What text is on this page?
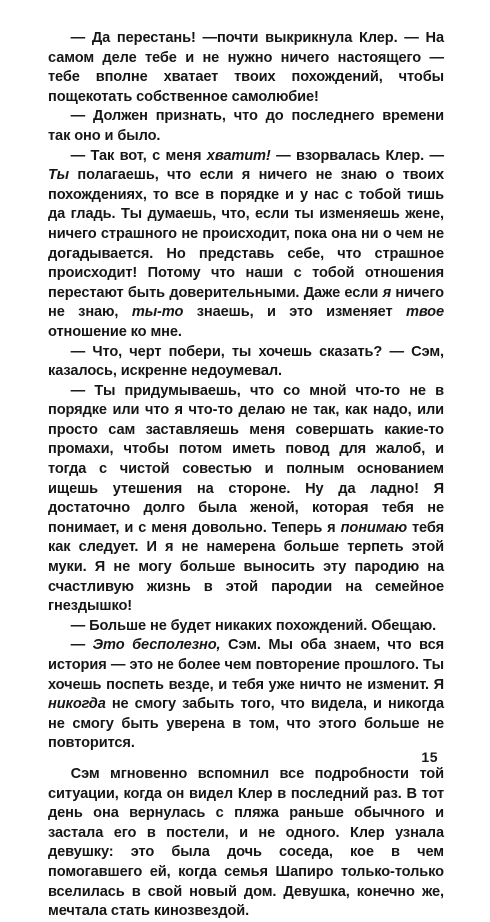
— Да перестань! —почти выкрикнула Клер. — На самом деле тебе и не нужно ничего настоящего — тебе вполне хватает твоих похождений, чтобы пощекотать собственное самолюбие!

— Должен признать, что до последнего времени так оно и было.

— Так вот, с меня хватит! — взорвалась Клер. — Ты полагаешь, что если я ничего не знаю о твоих похождениях, то все в порядке и у нас с тобой тишь да гладь. Ты думаешь, что, если ты изменяешь жене, ничего страшного не происходит, пока она ни о чем не догадывается. Но представь себе, что страшное происходит! Потому что наши с тобой отношения перестают быть доверительными. Даже если я ничего не знаю, ты-то знаешь, и это изменяет твое отношение ко мне.

— Что, черт побери, ты хочешь сказать? — Сэм, казалось, искренне недоумевал.

— Ты придумываешь, что со мной что-то не в порядке или что я что-то делаю не так, как надо, или просто сам заставляешь меня совершать какие-то промахи, чтобы потом иметь повод для жалоб, и тогда с чистой совестью и полным основанием ищешь утешения на стороне. Ну да ладно! Я достаточно долго была женой, которая тебя не понимает, и с меня довольно. Теперь я понимаю тебя как следует. И я не намерена больше терпеть этой муки. Я не могу больше выносить эту пародию на счастливую жизнь в этой пародии на семейное гнездышко!

— Больше не будет никаких похождений. Обещаю.

— Это бесполезно, Сэм. Мы оба знаем, что вся история — это не более чем повторение прошлого. Ты хочешь поспеть везде, и тебя уже ничто не изменит. Я никогда не смогу забыть того, что видела, и никогда не смогу быть уверена в том, что этого больше не повторится.

Сэм мгновенно вспомнил все подробности той ситуации, когда он видел Клер в последний раз. В тот день она вернулась с пляжа раньше обычного и застала его в постели, и не одного. Клер узнала девушку: это была дочь соседа, кое в чем помогавшего ей, когда семья Шапиро только-только вселилась в свой новый дом. Девушка, конечно же, мечтала стать кинозвездой.

15
